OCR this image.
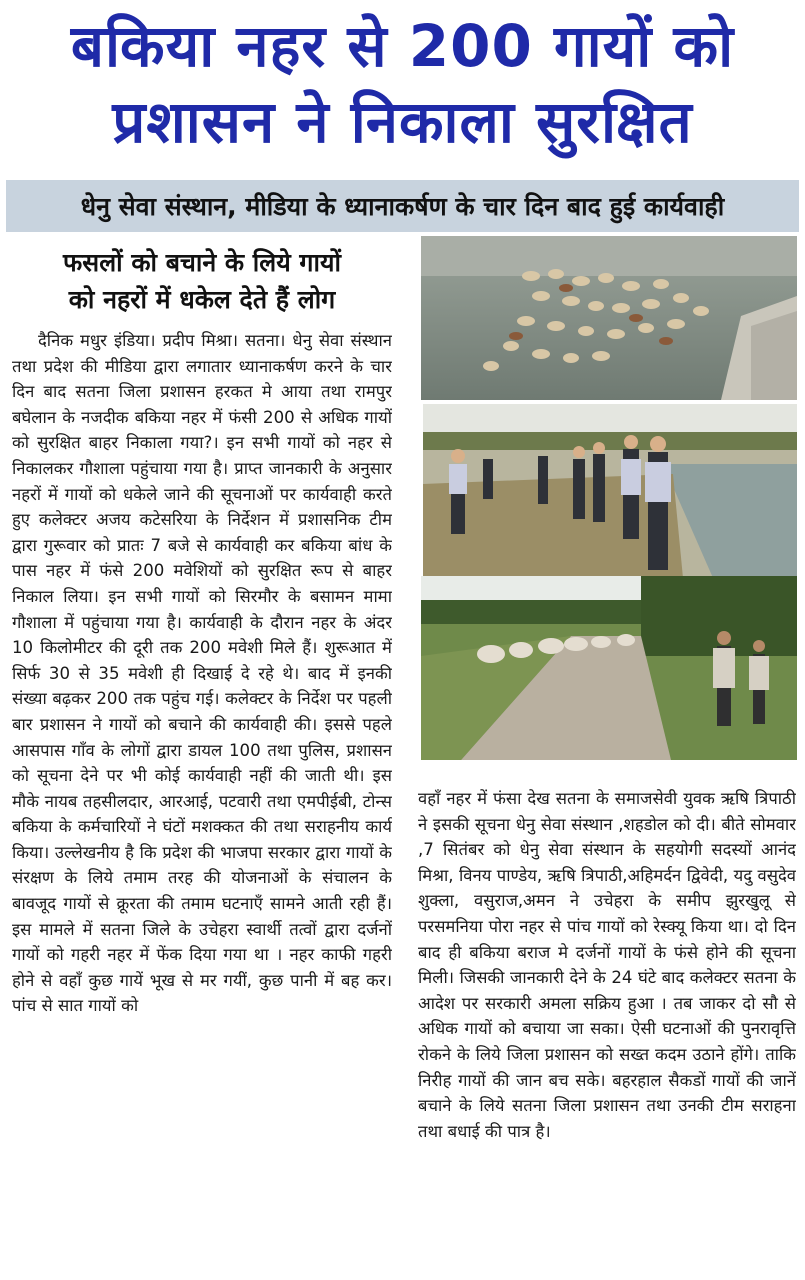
बकिया नहर से 200 गायों को
प्रशासन ने निकाला सुरक्षित
धेनु सेवा संस्थान, मीडिया के ध्यानाकर्षण के चार दिन बाद हुई कार्यवाही
फसलों को बचाने के लिये गायों
को नहरों में धकेल देते हैं लोग

दैनिक मधुर इंडिया। प्रदीप मिश्रा। सतना। धेनु सेवा संस्थान तथा प्रदेश की मीडिया द्वारा लगातार ध्यानाकर्षण करने के चार दिन बाद सतना जिला प्रशासन हरकत मे आया तथा रामपुर बघेलान के नजदीक बकिया नहर में फंसी 200 से अधिक गायों को सुरक्षित बाहर निकाला गया?। इन सभी गायों को नहर से निकालकर गौशाला पहुंचाया गया है। प्राप्त जानकारी के अनुसार नहरों में गायों को धकेले जाने की सूचनाओं पर कार्यवाही करते हुए कलेक्टर अजय कटेसरिया के निर्देशन में प्रशासनिक टीम द्वारा गुरूवार को प्रातः 7 बजे से कार्यवाही कर बकिया बांध के पास नहर में फंसे 200 मवेशियों को सुरक्षित रूप से बाहर निकाल लिया। इन सभी गायों को सिरमौर के बसामन मामा गौशाला में पहुंचाया गया है। कार्यवाही के दौरान नहर के अंदर 10 किलोमीटर की दूरी तक 200 मवेशी मिले हैं। शुरूआत में सिर्फ 30 से 35 मवेशी ही दिखाई दे रहे थे। बाद में इनकी संख्या बढ़कर 200 तक पहुंच गई। कलेक्टर के निर्देश पर पहली बार प्रशासन ने गायों को बचाने की कार्यवाही की। इससे पहले आसपास गाँव के लोगों द्वारा डायल 100 तथा पुलिस, प्रशासन को सूचना देने पर भी कोई कार्यवाही नहीं की जाती थी। इस मौके नायब तहसीलदार, आरआई, पटवारी तथा एमपीईबी, टोन्स बकिया के कर्मचारियों ने घंटों मशक्कत की तथा सराहनीय कार्य किया। उल्लेखनीय है कि प्रदेश की भाजपा सरकार द्वारा गायों के संरक्षण के लिये तमाम तरह की योजनाओं के संचालन के बावजूद गायों से क्रूरता की तमाम घटनाएँ सामने आती रही हैं। इस मामले में सतना जिले के उचेहरा स्वार्थी तत्वों द्वारा दर्जनों गायों को गहरी नहर में फेंक दिया गया था । नहर काफी गहरी होने से वहाँ कुछ गायें भूख से मर गयीं, कुछ पानी में बह कर। पांच से सात गायों को

वहाँ नहर में फंसा देख सतना के समाजसेवी युवक ऋषि त्रिपाठी ने इसकी सूचना धेनु सेवा संस्थान ,शहडोल को दी। बीते सोमवार ,7 सितंबर को धेनु सेवा संस्थान के सहयोगी सदस्यों आनंद मिश्रा, विनय पाण्डेय, ऋषि त्रिपाठी,अहिमर्दन द्विवेदी, यदु वसुदेव शुक्ला, वसुराज,अमन ने उचेहरा के समीप झुरखुलू से परसमनिया पोरा नहर से पांच गायों को रेस्क्यू किया था। दो दिन बाद ही बकिया बराज मे दर्जनों गायों के फंसे होने की सूचना मिली। जिसकी जानकारी देने के 24 घंटे बाद कलेक्टर सतना के आदेश पर सरकारी अमला सक्रिय हुआ । तब जाकर दो सौ से अधिक गायों को बचाया जा सका। ऐसी घटनाओं की पुनरावृत्ति रोकने के लिये जिला प्रशासन को सख्त कदम उठाने होंगे। ताकि निरीह गायों की जान बच सके। बहरहाल सैकडों गायों की जानें बचाने के लिये सतना जिला प्रशासन तथा उनकी टीम सराहना तथा बधाई की पात्र है।
